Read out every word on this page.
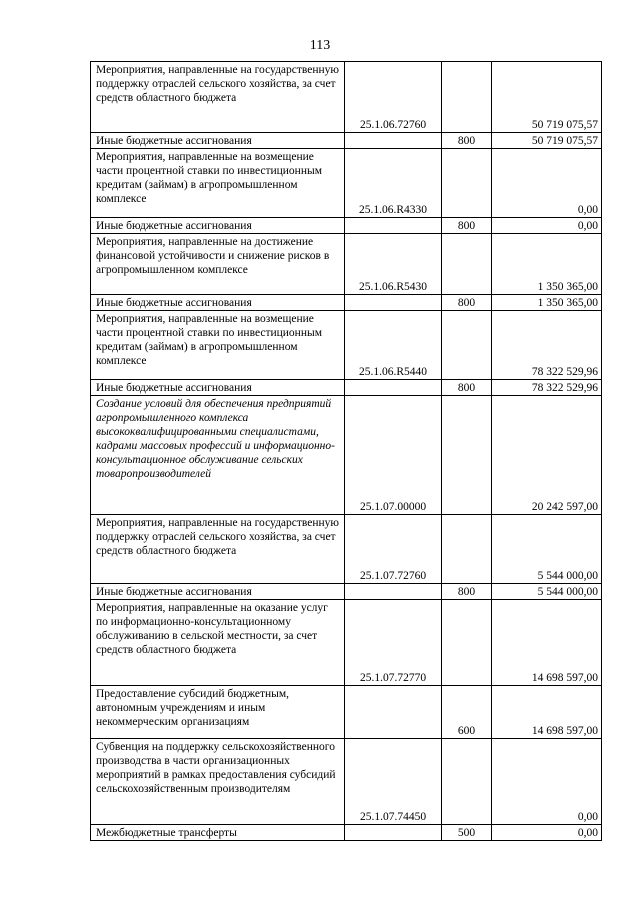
113
Мероприятия, направленные на государственную поддержку отраслей сельского хозяйства, за счет средств областного бюджета	25.1.06.72760		50 719 075,57
Иные бюджетные ассигнования		800	50 719 075,57
Мероприятия, направленные на возмещение части процентной ставки по инвестиционным кредитам (займам) в агропромышленном комплексе	25.1.06.R4330		0,00
Иные бюджетные ассигнования		800	0,00
Мероприятия, направленные на достижение финансовой устойчивости и снижение рисков в агропромышленном комплексе	25.1.06.R5430		1 350 365,00
Иные бюджетные ассигнования		800	1 350 365,00
Мероприятия, направленные на возмещение части процентной ставки по инвестиционным кредитам (займам) в агропромышленном комплексе	25.1.06.R5440		78 322 529,96
Иные бюджетные ассигнования		800	78 322 529,96
Создание условий для обеспечения предприятий агропромышленного комплекса высококвалифицированными специалистами, кадрами массовых профессий и информационно-консультационное обслуживание сельских товаропроизводителей	25.1.07.00000		20 242 597,00
Мероприятия, направленные на государственную поддержку отраслей сельского хозяйства, за счет средств областного бюджета	25.1.07.72760		5 544 000,00
Иные бюджетные ассигнования		800	5 544 000,00
Мероприятия, направленные на оказание услуг по информационно-консультационному обслуживанию в сельской местности, за счет средств областного бюджета	25.1.07.72770		14 698 597,00
Предоставление субсидий бюджетным, автономным учреждениям и иным некоммерческим организациям		600	14 698 597,00
Субвенция на поддержку сельскохозяйственного производства в части организационных мероприятий в рамках предоставления субсидий сельскохозяйственным производителям	25.1.07.74450		0,00
Межбюджетные трансферты		500	0,00
